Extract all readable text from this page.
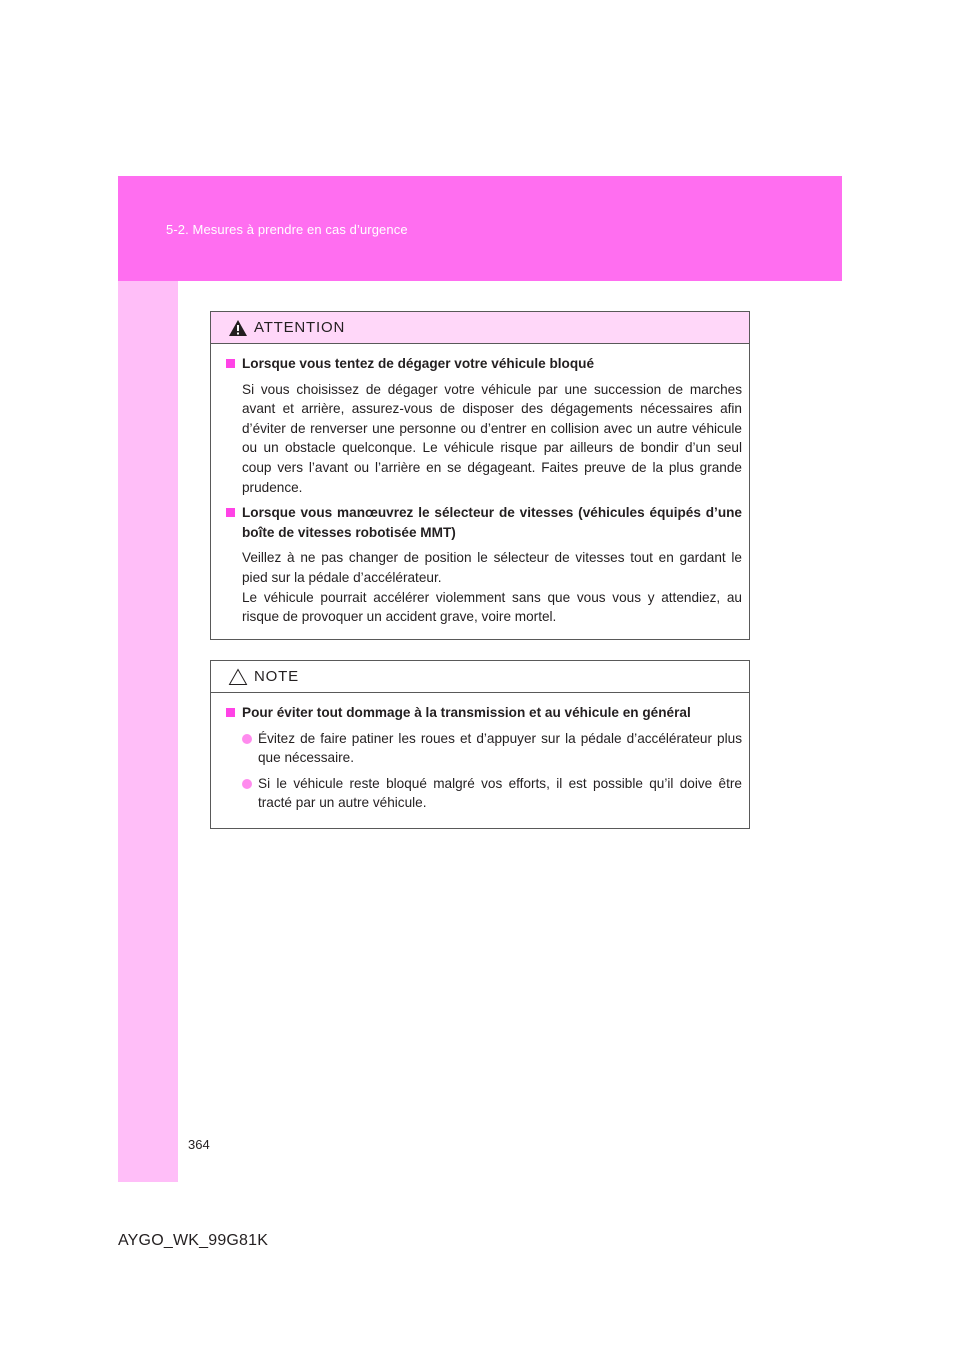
5-2. Mesures à prendre en cas d’urgence
ATTENTION
Lorsque vous tentez de dégager votre véhicule bloqué
Si vous choisissez de dégager votre véhicule par une succession de marches avant et arrière, assurez-vous de disposer des dégagements nécessaires afin d’éviter de renverser une personne ou d’entrer en collision avec un autre véhicule ou un obstacle quelconque. Le véhicule risque par ailleurs de bondir d’un seul coup vers l’avant ou l’arrière en se dégageant. Faites preuve de la plus grande prudence.
Lorsque vous manœuvrez le sélecteur de vitesses (véhicules équipés d’une boîte de vitesses robotisée MMT)
Veillez à ne pas changer de position le sélecteur de vitesses tout en gardant le pied sur la pédale d’accélérateur.
Le véhicule pourrait accélérer violemment sans que vous vous y attendiez, au risque de provoquer un accident grave, voire mortel.
NOTE
Pour éviter tout dommage à la transmission et au véhicule en général
Évitez de faire patiner les roues et d’appuyer sur la pédale d’accélérateur plus que nécessaire.
Si le véhicule reste bloqué malgré vos efforts, il est possible qu’il doive être tracté par un autre véhicule.
364
AYGO_WK_99G81K
